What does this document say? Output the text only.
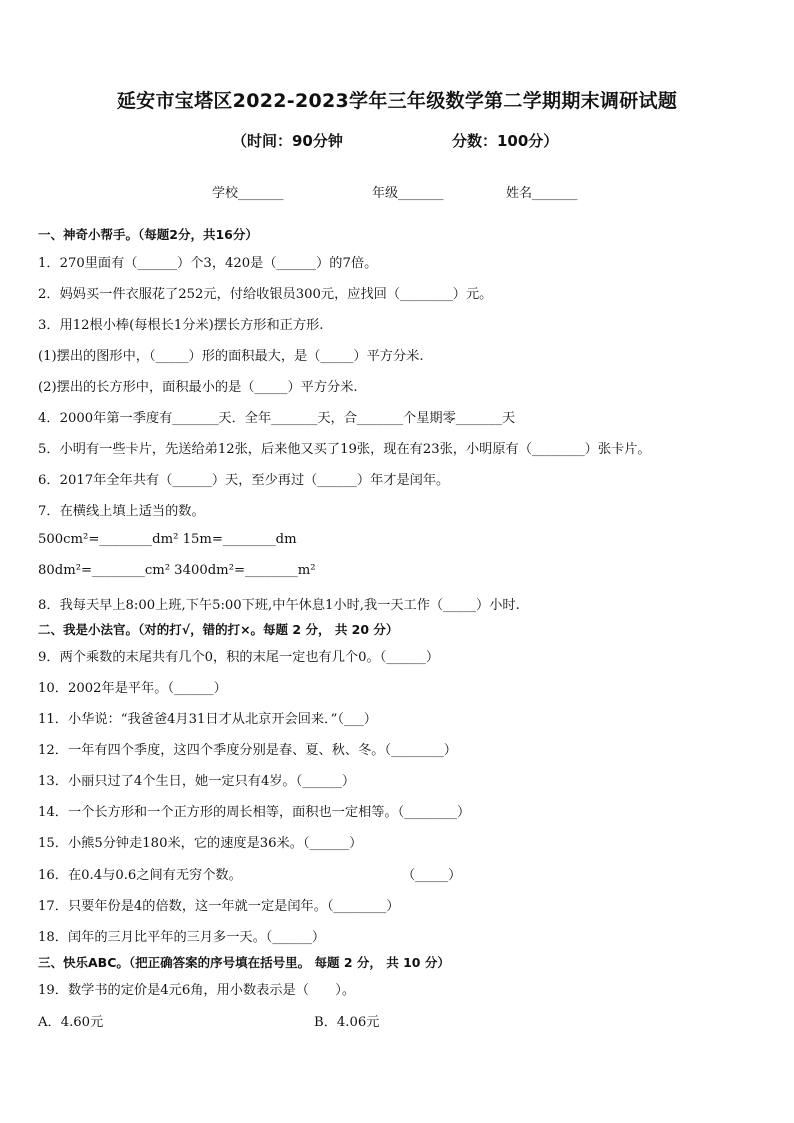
延安市宝塔区2022-2023学年三年级数学第二学期期末调研试题
（时间：90分钟	分数：100分）
学校_______	年级_______	姓名_______
一、神奇小帮手。（每题2分，共16分）
1．270里面有（______）个3，420是（______）的7倍。
2．妈妈买一件衣服花了252元，付给收银员300元，应找回（________）元。
3．用12根小棒(每根长1分米)摆长方形和正方形.
(1)摆出的图形中，（_____）形的面积最大，是（_____）平方分米.
(2)摆出的长方形中，面积最小的是（_____）平方分米.
4．2000年第一季度有_______天．全年_______天，合_______个星期零_______天
5．小明有一些卡片，先送给弟12张，后来他又买了19张，现在有23张，小明原有（________）张卡片。
6．2017年全年共有（______）天，至少再过（______）年才是闰年。
7．在横线上填上适当的数。
500cm²=________dm² 15m=________dm
80dm²=________cm² 3400dm²=________m²
8．我每天早上8:00上班,下午5:00下班,中午休息1小时,我一天工作（_____）小时.
二、我是小法官。（对的打√，错的打×。每题 2 分， 共 20 分）
9．两个乘数的末尾共有几个0，积的末尾一定也有几个0。（______）
10．2002年是平年。（______）
11．小华说：“我爸爸4月31日才从北京开会回来．”（___）
12．一年有四个季度，这四个季度分别是春、夏、秋、冬。（________）
13．小丽只过了4个生日，她一定只有4岁。（______）
14．一个长方形和一个正方形的周长相等，面积也一定相等。（________）
15．小熊5分钟走180米，它的速度是36米。（______）
16．在0.4与0.6之间有无穷个数。	（_____）
17．只要年份是4的倍数，这一年就一定是闰年。（________）
18．闰年的三月比平年的三月多一天。（______）
三、快乐ABC。（把正确答案的序号填在括号里。 每题 2 分， 共 10 分）
19．数学书的定价是4元6角，用小数表示是（　　）。
A．4.60元	B．4.06元
